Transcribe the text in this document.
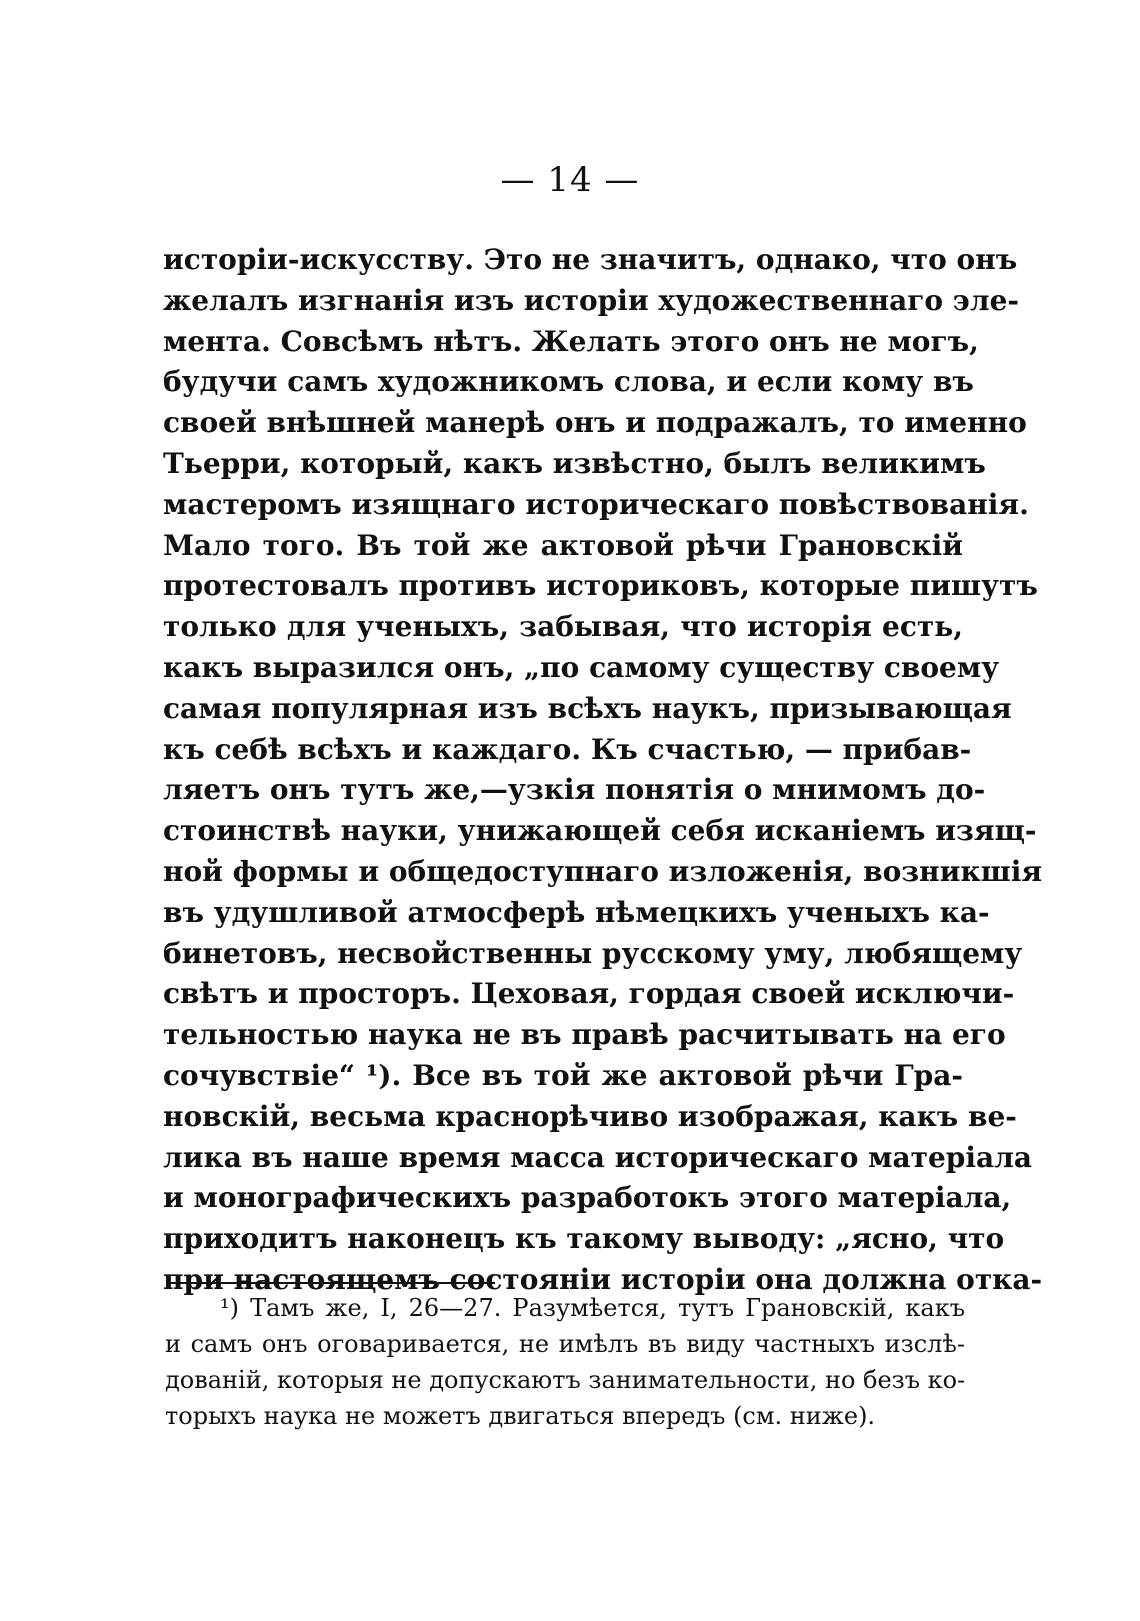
— 14 —
исторіи-искусству. Это не значитъ, однако, что онъ
желалъ изгнанія изъ исторіи художественнаго эле-
мента. Совсѣмъ нѣтъ. Желать этого онъ не могъ,
будучи самъ художникомъ слова, и если кому въ
своей внѣшней манерѣ онъ и подражалъ, то именно
Тьерри, который, какъ извѣстно, былъ великимъ
мастеромъ изящнаго историческаго повѣствованія.
Мало того. Въ той же актовой рѣчи Грановскій
протестовалъ противъ историковъ, которые пишутъ
только для ученыхъ, забывая, что исторія есть,
какъ выразился онъ, „по самому существу своему
самая популярная изъ всѣхъ наукъ, призывающая
къ себѣ всѣхъ и каждаго. Къ счастью, — прибав-
ляетъ онъ тутъ же,—узкія понятія о мнимомъ до-
стоинствѣ науки, унижающей себя исканіемъ изящ-
ной формы и общедоступнаго изложенія, возникшія
въ удушливой атмосферѣ нѣмецкихъ ученыхъ ка-
бинетовъ, несвойственны русскому уму, любящему
свѣтъ и просторъ. Цеховая, гордая своей исключи-
тельностью наука не въ правѣ расчитывать на его
сочувствіе“ ¹). Все въ той же актовой рѣчи Гра-
новскій, весьма краснорѣчиво изображая, какъ ве-
лика въ наше время масса историческаго матеріала
и монографическихъ разработокъ этого матеріала,
приходитъ наконецъ къ такому выводу: „ясно, что
при настоящемъ состояніи исторіи она должна отка-
¹) Тамъ же, I, 26—27. Разумѣется, тутъ Грановскій, какъ
и самъ онъ оговаривается, не имѣлъ въ виду частныхъ изслѣ-
дованій, которыя не допускаютъ занимательности, но безъ ко-
торыхъ наука не можетъ двигаться впередъ (см. ниже).
